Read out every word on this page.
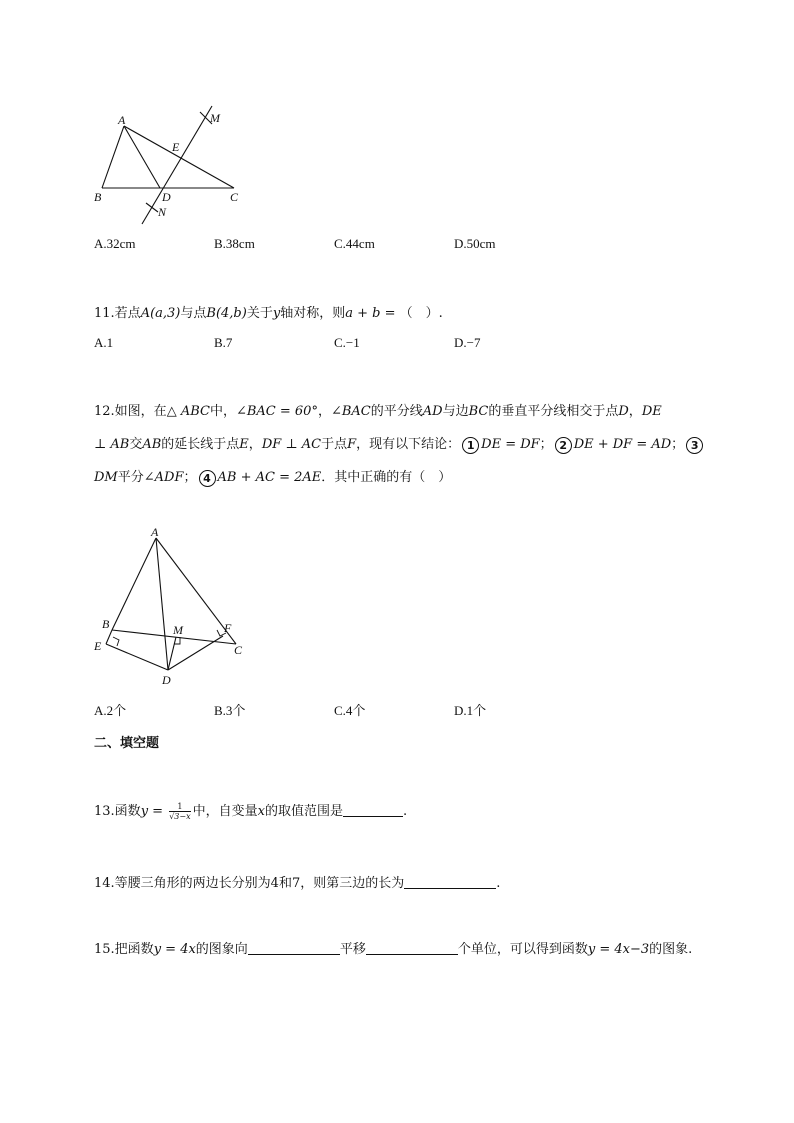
A
B	C
D
E
M
N
A.32cm	B.38cm	C.44cm	D.50cm
11.若点A(a,3)与点B(4,b)关于y轴对称，则a + b = （　）.
A.1	B.7	C.−1	D.−7
12.如图，在△ ABC中，∠BAC = 60°，∠BAC的平分线AD与边BC的垂直平分线相交于点D，DE
⊥ AB交AB的延长线于点E，DF ⊥ AC于点F，现有以下结论： 1 DE = DF； 2 DE + DF = AD； 3
DM平分∠ADF； 4 AB + AC = 2AE．其中正确的有（　）
A
B
E
M	F
C
D
A.2个	B.3个	C.4个	D.1个
二、填空题
13.函数$y = \frac{1}{√3-x}$ 中，自变量x的取值范围是	.
14.等腰三角形的两边长分别为4和7，则第三边的长为	.
15.把函数y = 4x的图象向	平移	个单位，可以得到函数y = 4x−3的图象.
